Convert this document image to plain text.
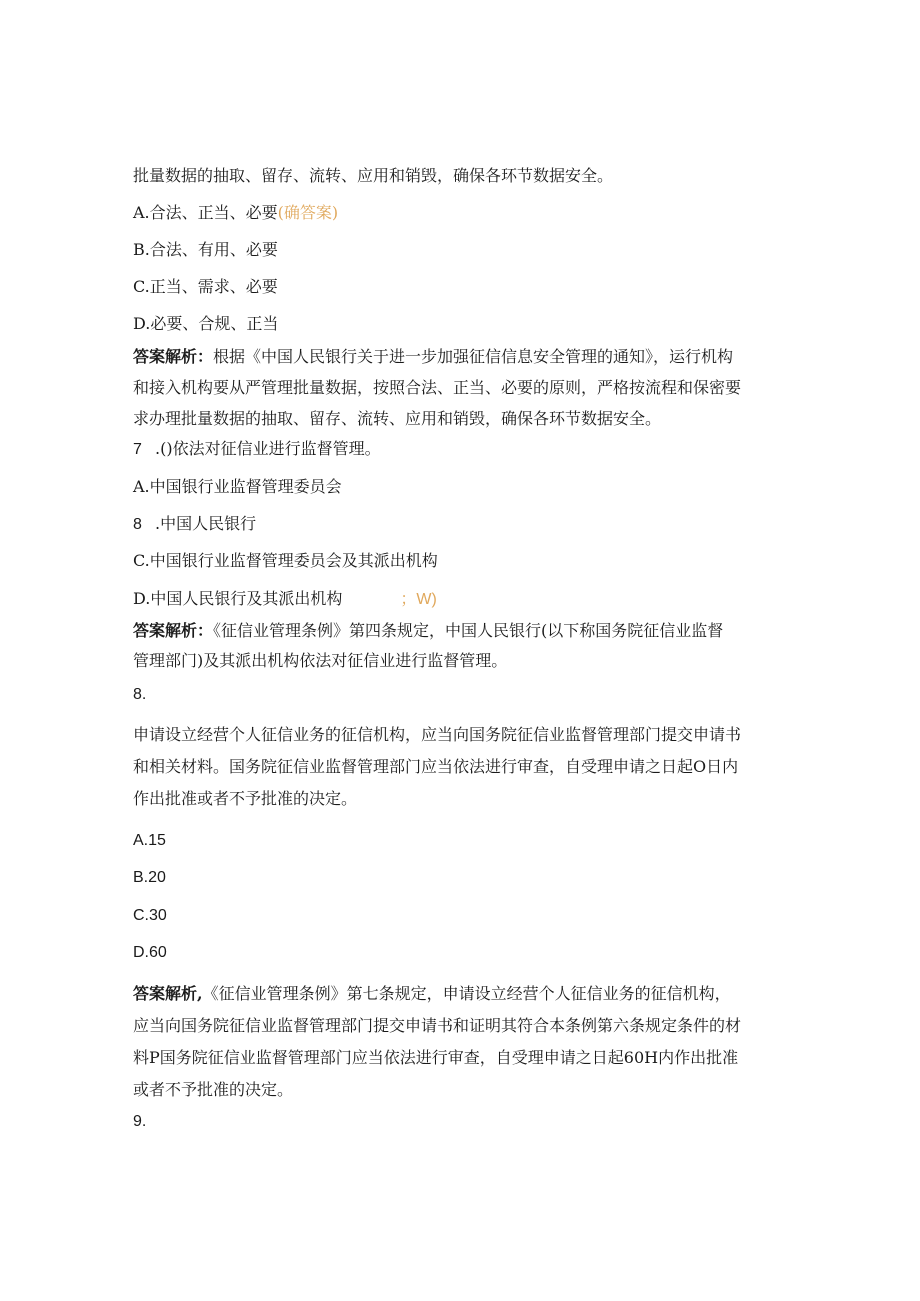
批量数据的抽取、留存、流转、应用和销毁，确保各环节数据安全。
A.合法、正当、必要(确答案)
B.合法、有用、必要
C.正当、需求、必要
D.必要、合规、正当
答案解析：根据《中国人民银行关于进一步加强征信信息安全管理的通知》，运行机构
和接入机构要从严管理批量数据，按照合法、正当、必要的原则，严格按流程和保密要
求办理批量数据的抽取、留存、流转、应用和销毁，确保各环节数据安全。
7 .()依法对征信业进行监督管理。
A.中国银行业监督管理委员会
8 .中国人民银行
C.中国银行业监督管理委员会及其派出机构
D.中国人民银行及其派出机构	；W)
答案解析：《征信业管理条例》第四条规定，中国人民银行(以下称国务院征信业监督
管理部门)及其派出机构依法对征信业进行监督管理。
8.
申请设立经营个人征信业务的征信机构，应当向国务院征信业监督管理部门提交申请书
和相关材料。国务院征信业监督管理部门应当依法进行审查，自受理申请之日起O日内
作出批准或者不予批准的决定。
A.15
B.20
C.30
D.60
答案解析,《征信业管理条例》第七条规定，申请设立经营个人征信业务的征信机构，
应当向国务院征信业监督管理部门提交申请书和证明其符合本条例第六条规定条件的材
料P国务院征信业监督管理部门应当依法进行审查，自受理申请之日起60H内作出批准
或者不予批准的决定。
9.
